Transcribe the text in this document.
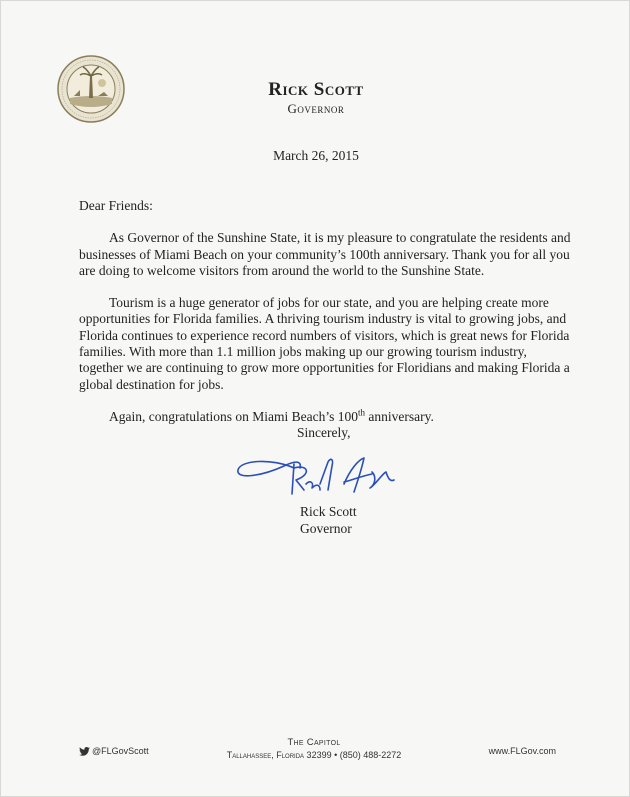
Rick Scott
Governor
March 26, 2015

Dear Friends:

As Governor of the Sunshine State, it is my pleasure to congratulate the residents and businesses of Miami Beach on your community’s 100th anniversary. Thank you for all you are doing to welcome visitors from around the world to the Sunshine State.

Tourism is a huge generator of jobs for our state, and you are helping create more opportunities for Florida families. A thriving tourism industry is vital to growing jobs, and Florida continues to experience record numbers of visitors, which is great news for Florida families. With more than 1.1 million jobs making up our growing tourism industry, together we are continuing to grow more opportunities for Floridians and making Florida a global destination for jobs.

Again, congratulations on Miami Beach’s 100th anniversary.

Sincerely,
Rick Scott
Governor
@FLGovScott
The Capitol
Tallahassee, Florida 32399 • (850) 488-2272	www.FLGov.com
